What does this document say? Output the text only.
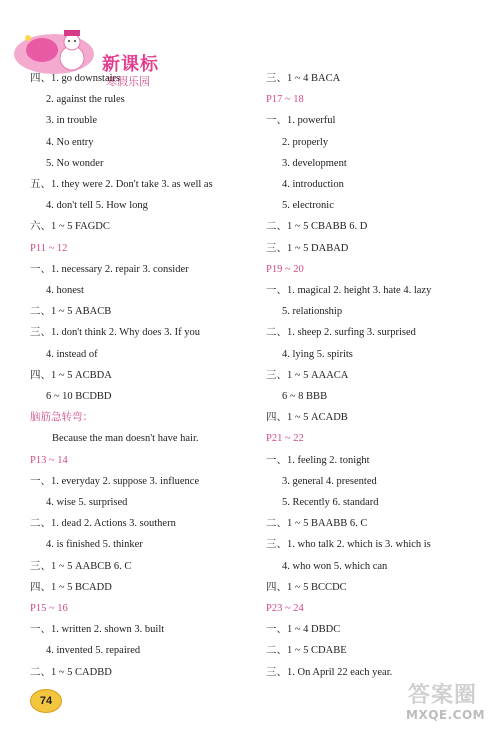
新课标
寒假乐园
四、1. go downstairs
2. against the rules
3. in trouble
4. No entry
5. No wonder
五、1. they were 2. Don't take 3. as well as
4. don't tell 5. How long
六、1 ~ 5 FAGDC
P11 ~ 12
一、1. necessary 2. repair 3. consider
4. honest
二、1 ~ 5 ABACB
三、1. don't think 2. Why does 3. If you
4. instead of
四、1 ~ 5 ACBDA
6 ~ 10 BCDBD
脑筋急转弯：
Because the man doesn't have hair.
P13 ~ 14
一、1. everyday 2. suppose 3. influence
4. wise 5. surprised
二、1. dead 2. Actions 3. southern
4. is finished 5. thinker
三、1 ~ 5 AABCB 6. C
四、1 ~ 5 BCADD
P15 ~ 16
一、1. written 2. shown 3. built
4. invented 5. repaired
二、1 ~ 5 CADBD
三、1 ~ 4 BACA
P17 ~ 18
一、1. powerful
2. properly
3. development
4. introduction
5. electronic
二、1 ~ 5 CBABB 6. D
三、1 ~ 5 DABAD
P19 ~ 20
一、1. magical 2. height 3. hate 4. lazy
5. relationship
二、1. sheep 2. surfing 3. surprised
4. lying 5. spirits
三、1 ~ 5 AAACA
6 ~ 8 BBB
四、1 ~ 5 ACADB
P21 ~ 22
一、1. feeling 2. tonight
3. general 4. presented
5. Recently 6. standard
二、1 ~ 5 BAABB 6. C
三、1. who talk 2. which is 3. which is
4. who won 5. which can
四、1 ~ 5 BCCDC
P23 ~ 24
一、1 ~ 4 DBDC
二、1 ~ 5 CDABE
三、1. On April 22 each year.
74	答案圈
MXQE.COM
